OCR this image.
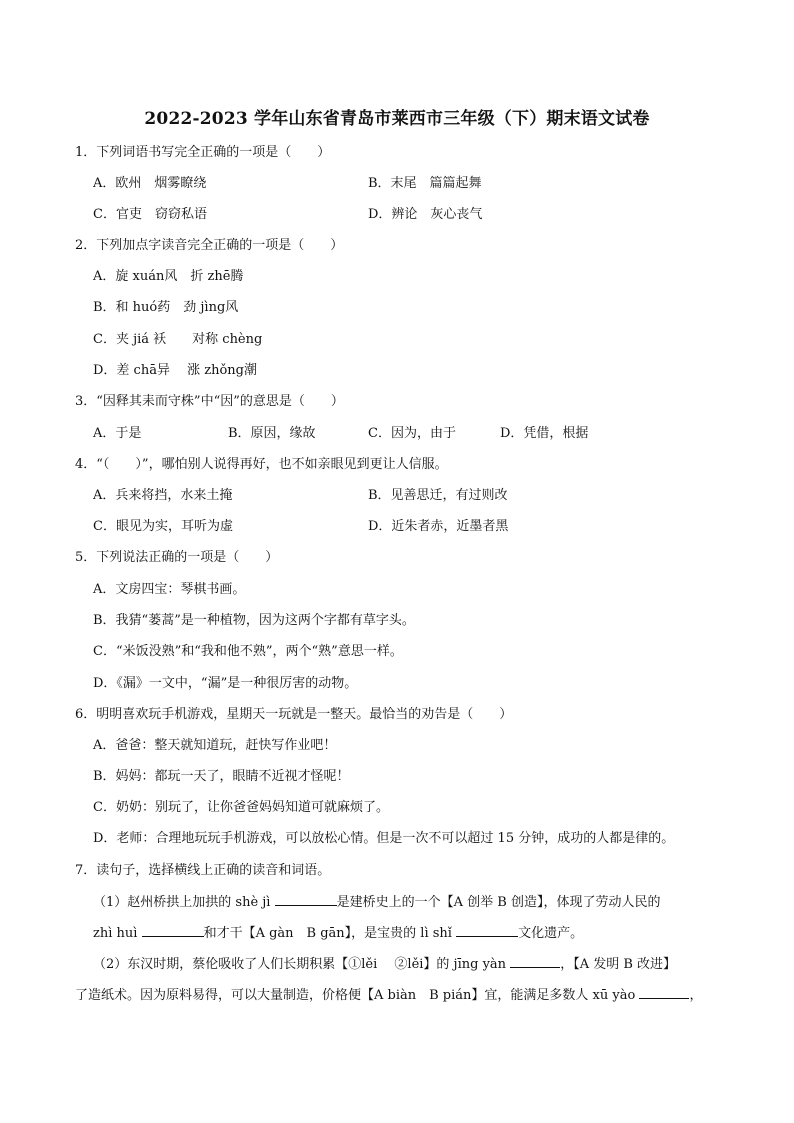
2022-2023 学年山东省青岛市莱西市三年级（下）期末语文试卷
1．下列词语书写完全正确的一项是（　　）
A．欧州　烟雾瞭绕	B．末尾　篇篇起舞
C．官吏　窃窃私语	D．辨论　灰心丧气
2．下列加点字读音完全正确的一项是（　　）
A．旋 xuán风　折 zhē腾
B．和 huó药　劲 jìng风
C．夹 jiá 袄　　对称 chèng
D．差 chā异　 涨 zhǒng潮
3．“因释其耒而守株”中“因”的意思是（　　）
A．于是	B．原因，缘故	C．因为，由于	D．凭借，根据
4．“（　　）”，哪怕别人说得再好，也不如亲眼见到更让人信服。
A．兵来将挡，水来土掩	B．见善思迁，有过则改
C．眼见为实，耳听为虚	D．近朱者赤，近墨者黑
5．下列说法正确的一项是（　　）
A．文房四宝：琴棋书画。
B．我猜“蒌蒿”是一种植物，因为这两个字都有草字头。
C．“米饭没熟”和“我和他不熟”，两个“熟”意思一样。
D．《漏》一文中，“漏”是一种很厉害的动物。
6．明明喜欢玩手机游戏，星期天一玩就是一整天。最恰当的劝告是（　　）
A．爸爸：整天就知道玩，赶快写作业吧！
B．妈妈：都玩一天了，眼睛不近视才怪呢！
C．奶奶：别玩了，让你爸爸妈妈知道可就麻烦了。
D．老师：合理地玩玩手机游戏，可以放松心情。但是一次不可以超过 15 分钟，成功的人都是律的。
7．读句子，选择横线上正确的读音和词语。
（1）赵州桥拱上加拱的 shè jì	是建桥史上的一个【A 创举 B 创造】，体现了劳动人民的
zhì huì	和才干【A gàn　B gān】，是宝贵的 lì shǐ	文化遗产。
（2）东汉时期，蔡伦吸收了人们长期积累【①lěi　 ②lěi】的 jīng yàn	，【A 发明 B 改进】
了造纸术。因为原料易得，可以大量制造，价格便【A biàn　B pián】宜，能满足多数人 xū yào	，
